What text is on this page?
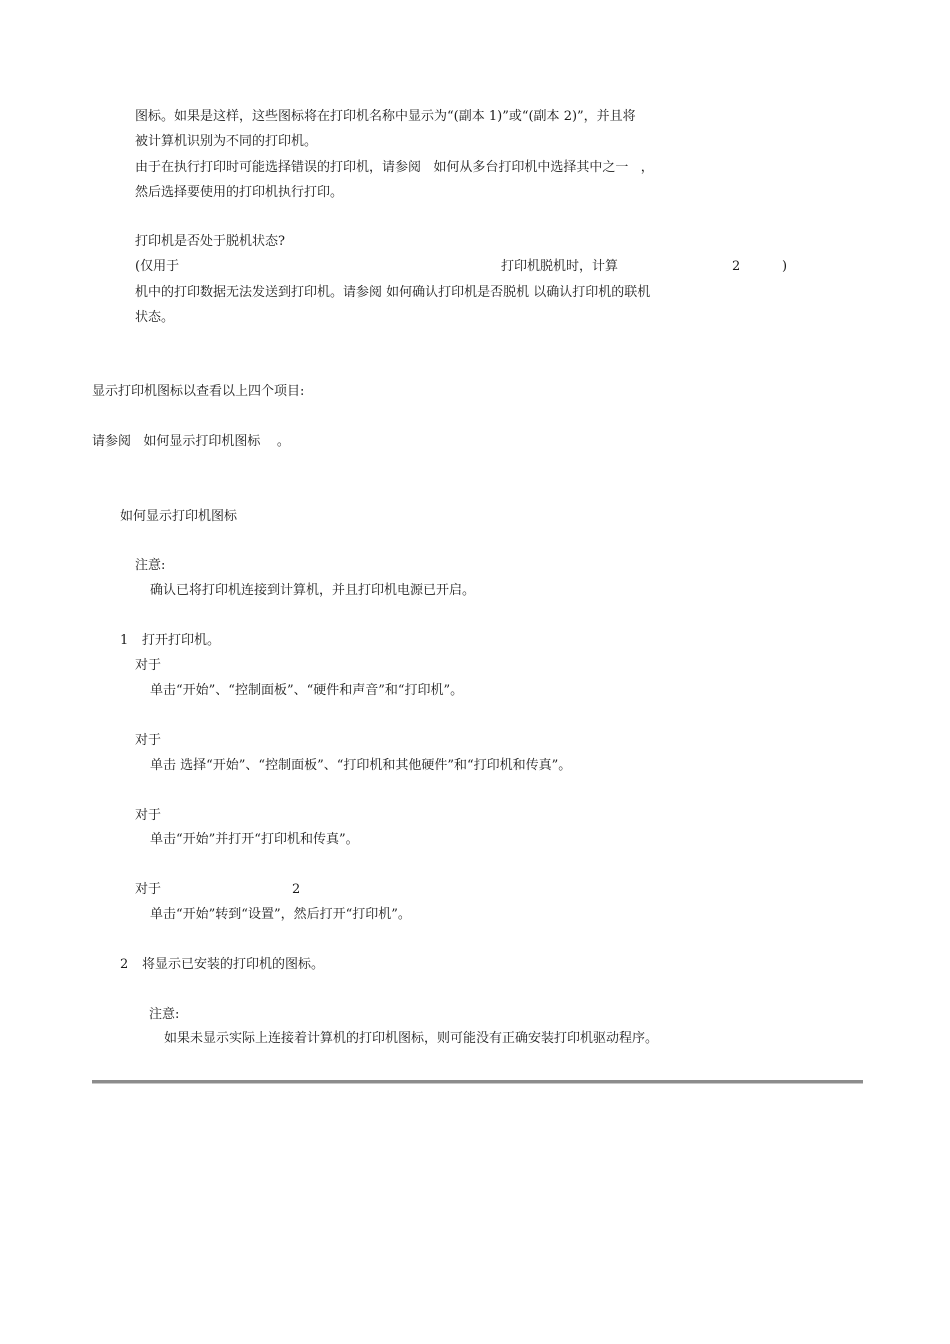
图标。如果是这样，这些图标将在打印机名称中显示为“(副本 1)”或“(副本 2)”，并且将
被计算机识别为不同的打印机。
由于在执行打印时可能选择错误的打印机，请参阅   如何从多台打印机中选择其中之一   ，
然后选择要使用的打印机执行打印。
打印机是否处于脱机状态?
(仅用于	打印机脱机时，计算	2	)
机中的打印数据无法发送到打印机。请参阅 如何确认打印机是否脱机 以确认打印机的联机
状态。
显示打印机图标以查看以上四个项目:
请参阅   如何显示打印机图标    。
如何显示打印机图标
注意:
确认已将打印机连接到计算机，并且打印机电源已开启。
1 打开打印机。
对于
单击“开始”、“控制面板”、“硬件和声音”和“打印机”。
对于
单击 选择“开始”、“控制面板”、“打印机和其他硬件”和“打印机和传真”。
对于
单击“开始”并打开“打印机和传真”。
对于	2
单击“开始”转到“设置”，然后打开“打印机”。
2 将显示已安装的打印机的图标。
注意:
如果未显示实际上连接着计算机的打印机图标，则可能没有正确安装打印机驱动程序。
